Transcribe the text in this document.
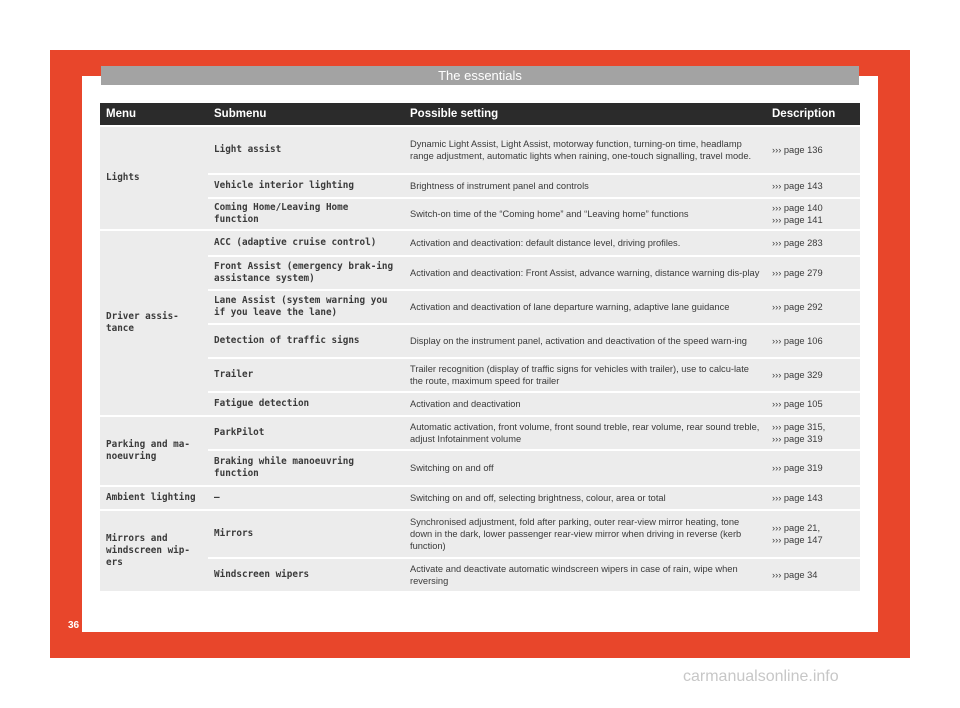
The essentials
Menu	Submenu	Possible setting	Description
Lights	Light assist	Dynamic Light Assist, Light Assist, motorway function, turning-on time, headlamp range adjustment, automatic lights when raining, one-touch signalling, travel mode.	››› page 136

	Vehicle interior lighting	Brightness of instrument panel and controls	››› page 143

	Coming Home/Leaving Home function	Switch-on time of the “Coming home” and “Leaving home” functions	››› page 140
››› page 141

Driver assis-tance	ACC (adaptive cruise control)	Activation and deactivation: default distance level, driving profiles.	››› page 283

	Front Assist (emergency brak-ing assistance system)	Activation and deactivation: Front Assist, advance warning, distance warning dis-play	››› page 279

	Lane Assist (system warning you if you leave the lane)	Activation and deactivation of lane departure warning, adaptive lane guidance	››› page 292

	Detection of traffic signs	Display on the instrument panel, activation and deactivation of the speed warn-ing	››› page 106

	Trailer	Trailer recognition (display of traffic signs for vehicles with trailer), use to calcu-late the route, maximum speed for trailer	››› page 329

	Fatigue detection	Activation and deactivation	››› page 105

Parking and ma-noeuvring	ParkPilot	Automatic activation, front volume, front sound treble, rear volume, rear sound treble, adjust Infotainment volume	››› page 315,
››› page 319

	Braking while manoeuvring function	Switching on and off	››› page 319

Ambient lighting	–	Switching on and off, selecting brightness, colour, area or total	››› page 143

Mirrors and windscreen wip-ers	Mirrors	Synchronised adjustment, fold after parking, outer rear-view mirror heating, tone down in the dark, lower passenger rear-view mirror when driving in reverse (kerb function)	››› page 21,
››› page 147

	Windscreen wipers	Activate and deactivate automatic windscreen wipers in case of rain, wipe when reversing	››› page 34
36
carmanualsonline.info
